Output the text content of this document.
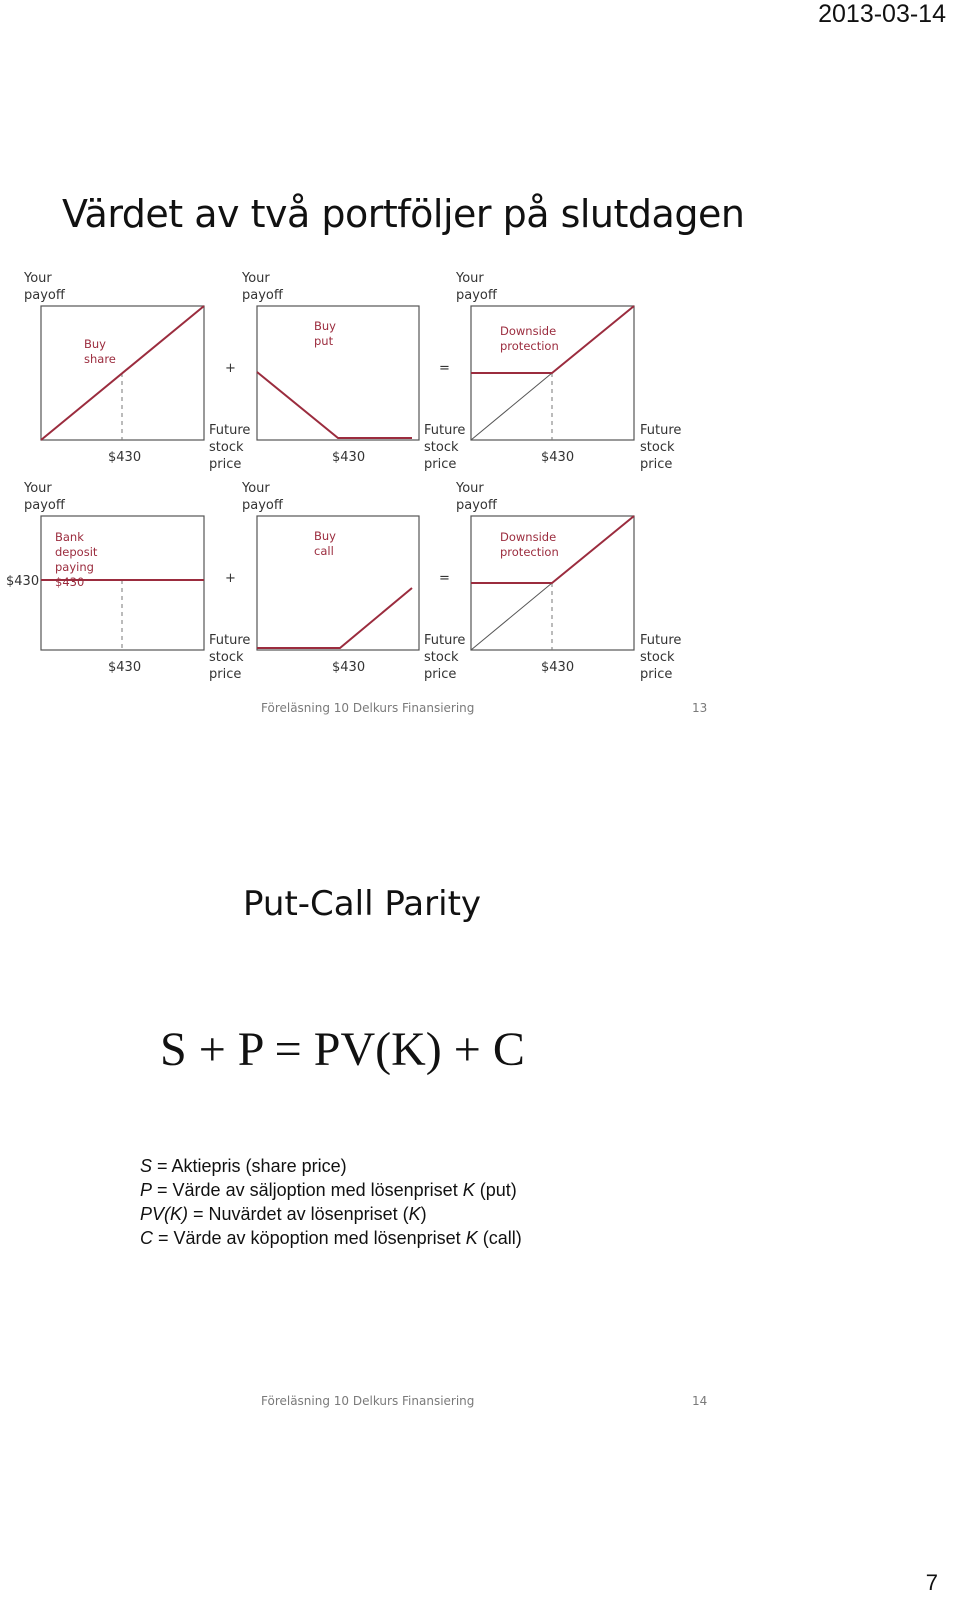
2013-03-14
Värdet av två portföljer på slutdagen
Your payoff
Buy share
$430
Future stock price
+
Your payoff
Buy put
$430
Future stock price
=
Your payoff
Downside protection
$430
Future stock price
Your payoff
Bank deposit paying $430
$430
$430
Future stock price
+
Your payoff
Buy call
$430
Future stock price
=
Your payoff
Downside protection
$430
Future stock price
Föreläsning 10 Delkurs Finansiering	13
Put-Call Parity
S + P = PV(K) + C
S = Aktiepris (share price)
P = Värde av säljoption med lösenpriset K (put)
PV(K) = Nuvärdet av lösenpriset (K)
C = Värde av köpoption med lösenpriset K (call)
Föreläsning 10 Delkurs Finansiering	14
7
